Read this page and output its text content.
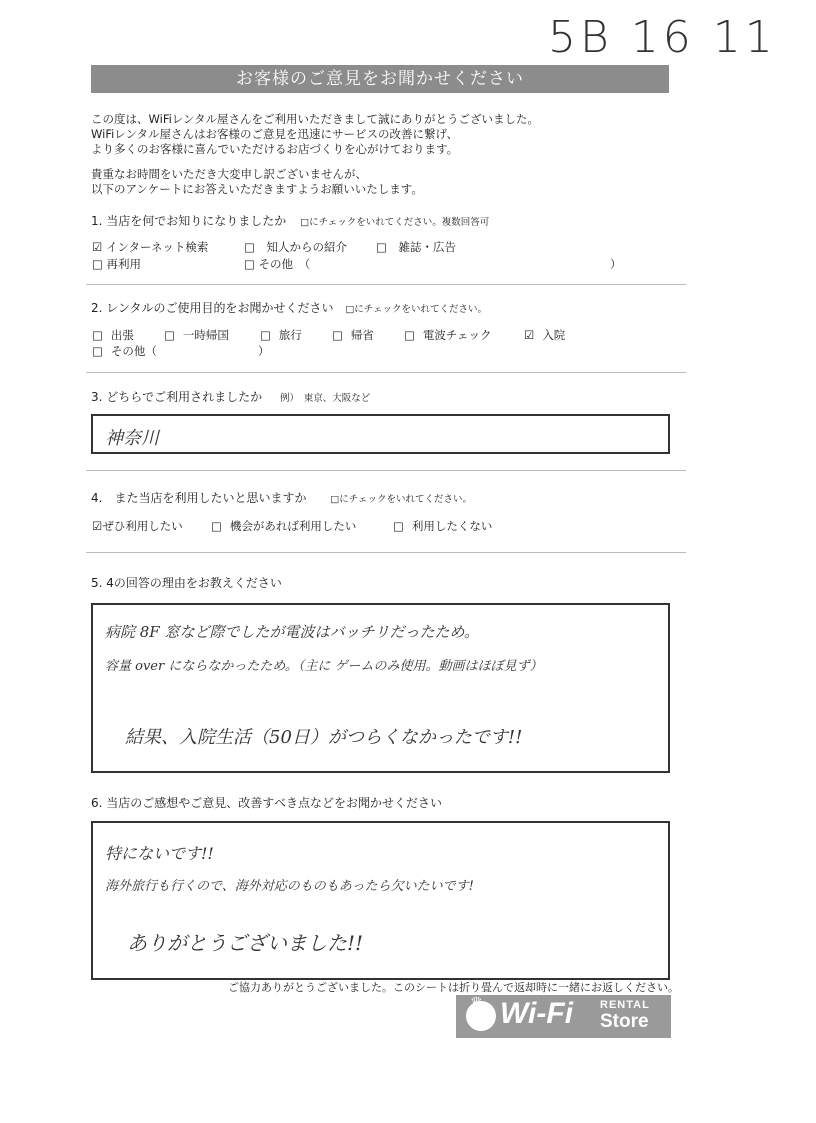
5B 16 11
お客様のご意見をお聞かせください

この度は、WiFiレンタル屋さんをご利用いただきまして誠にありがとうございました。
WiFiレンタル屋さんはお客様のご意見を迅速にサービスの改善に繋げ、
より多くのお客様に喜んでいただけるお店づくりを心がけております。

貴重なお時間をいただき大変申し訳ございませんが、
以下のアンケートにお答えいただきますようお願いいたします。

1. 当店を何でお知りになりましたか □にチェックをいれてください。複数回答可
☑ インターネット検索	□ 知人からの紹介	□ 雑誌・広告
□ 再利用	□ その他　（	）
2. レンタルのご使用目的をお聞かせください □にチェックをいれてください。
□ 出張	□ 一時帰国	□ 旅行	□ 帰省	□ 電波チェック	☑ 入院
□ その他（	）
3. どちらでご利用されましたか 例）　東京、大阪など
神奈川
4.　また当店を利用したいと思いますか	□にチェックをいれてください。
☑ぜひ利用したい □ 機会があれば利用したい	□ 利用したくない
5. 4の回答の理由をお教えください
病院 8F 窓など際でしたが電波はバッチリだったため。
容量 over にならなかったため。（主に ゲームのみ使用。動画はほぼ見ず）
結果、入院生活（50日）がつらくなかったです!!
6. 当店のご感想やご意見、改善すべき点などをお聞かせください
特にないです!!
海外旅行も行くので、海外対応のものもあったら欠いたいです!
ありがとうございました!!
ご協力ありがとうございました。このシートは折り畳んで返却時に一緒にお返しください。
♛ Wi-Fi RENTAL
Store
